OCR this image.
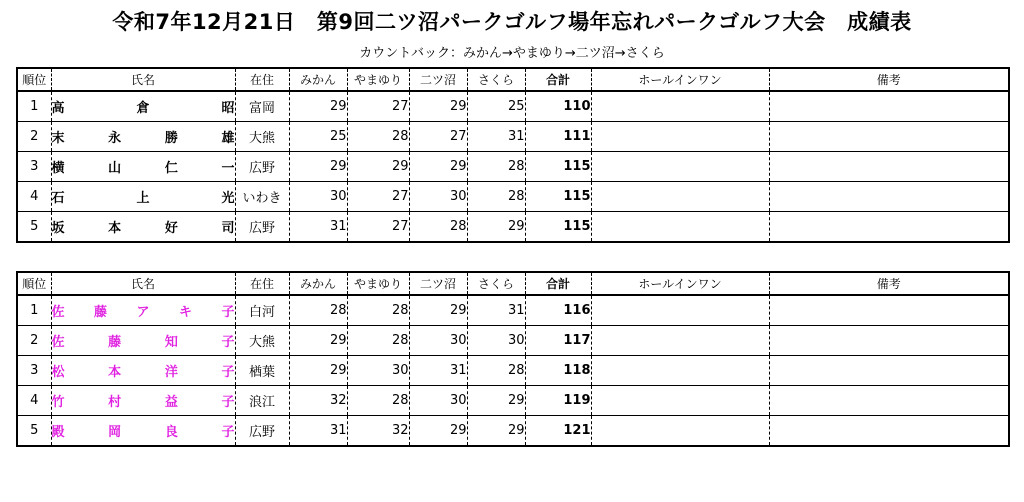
令和7年12月21日　第9回二ツ沼パークゴルフ場年忘れパークゴルフ大会　成績表
カウントバック：みかん→やまゆり→二ツ沼→さくら
順位	氏名	在住	みかん	やまゆり	二ツ沼	さくら	合計	ホールインワン	備考
1	高 倉 昭	富岡	29	27	29	25	110		
2	末 永 勝 雄	大熊	25	28	27	31	111		
3	横 山 仁 一	広野	29	29	29	28	115		
4	石 上 光	いわき	30	27	30	28	115		
5	坂 本 好 司	広野	31	27	28	29	115		
順位	氏名	在住	みかん	やまゆり	二ツ沼	さくら	合計	ホールインワン	備考
1	佐 藤 ア キ 子	白河	28	28	29	31	116		
2	佐 藤 知 子	大熊	29	28	30	30	117		
3	松 本 洋 子	楢葉	29	30	31	28	118		
4	竹 村 益 子	浪江	32	28	30	29	119		
5	殿 岡 良 子	広野	31	32	29	29	121		
